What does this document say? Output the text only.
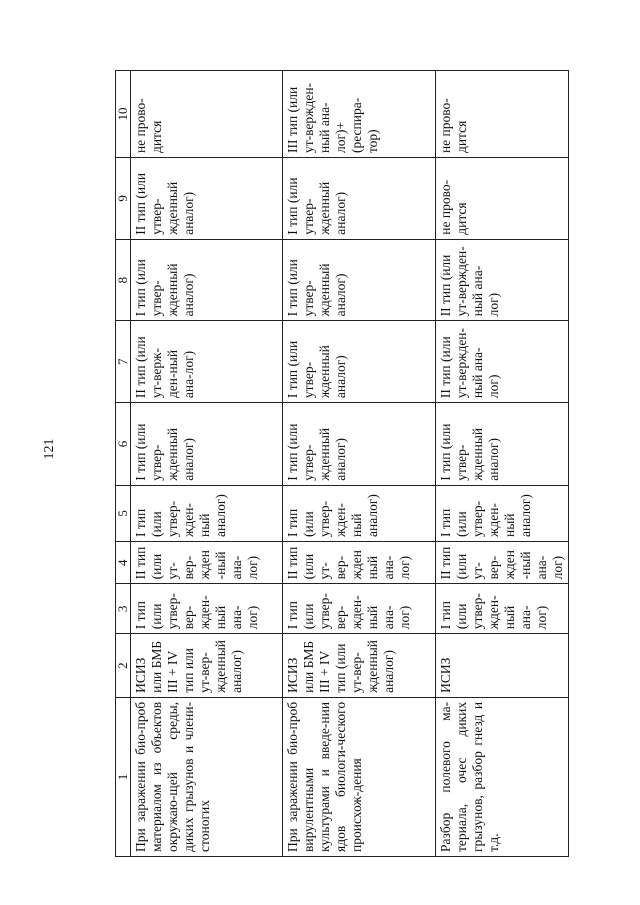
121
1	2	3	4	5	6	7	8	9	10
При заражении био-проб материалом из объектов окружаю-щей среды, диких грызунов и члени-стоногих	ИСИЗ или БМБ III + IV тип или ут-вер-жденный аналог)	I тип (или утвер-вер-жден-ный ана-лог)	II тип (или ут-вер-жден-ный ана-лог)	I тип (или утвер-жден-ный аналог)	I тип (или утвер-жденный аналог)	II тип (или ут-верж-ден-ный ана-лог)	I тип (или утвер-жденный аналог)	II тип (или утвер-жденный аналог)	не прово-дится
При заражении био-проб вирулентными культурами и введе-нии ядов биологи-ческого происхож-дения	ИСИЗ или БМБ III + IV тип (или ут-вер-жденный аналог)	I тип (или утвер-вер-жден-ный ана-лог)	II тип (или ут-вер-жден ный ана-лог)	I тип (или утвер-жден-ный аналог)	I тип (или утвер-жденный аналог)	I тип (или утвер-жденный аналог)	I тип (или утвер-жденный аналог)	I тип (или утвер-жденный аналог)	III тип (или ут-вержден-ный ана-лог)+ (респира-тор)
Разбор полевого ма-териала, очес диких грызунов, разбор гнезд и т.д.	ИСИЗ	I тип (или утвер-жден-ный ана-лог)	II тип (или ут-вер-жден-ный ана-лог)	I тип (или утвер-жден-ный аналог)	I тип (или утвер-жденный аналог)	II тип (или ут-вержден-ный ана-лог)	II тип (или ут-вержден-ный ана-лог)	не прово-дится	не прово-дится
